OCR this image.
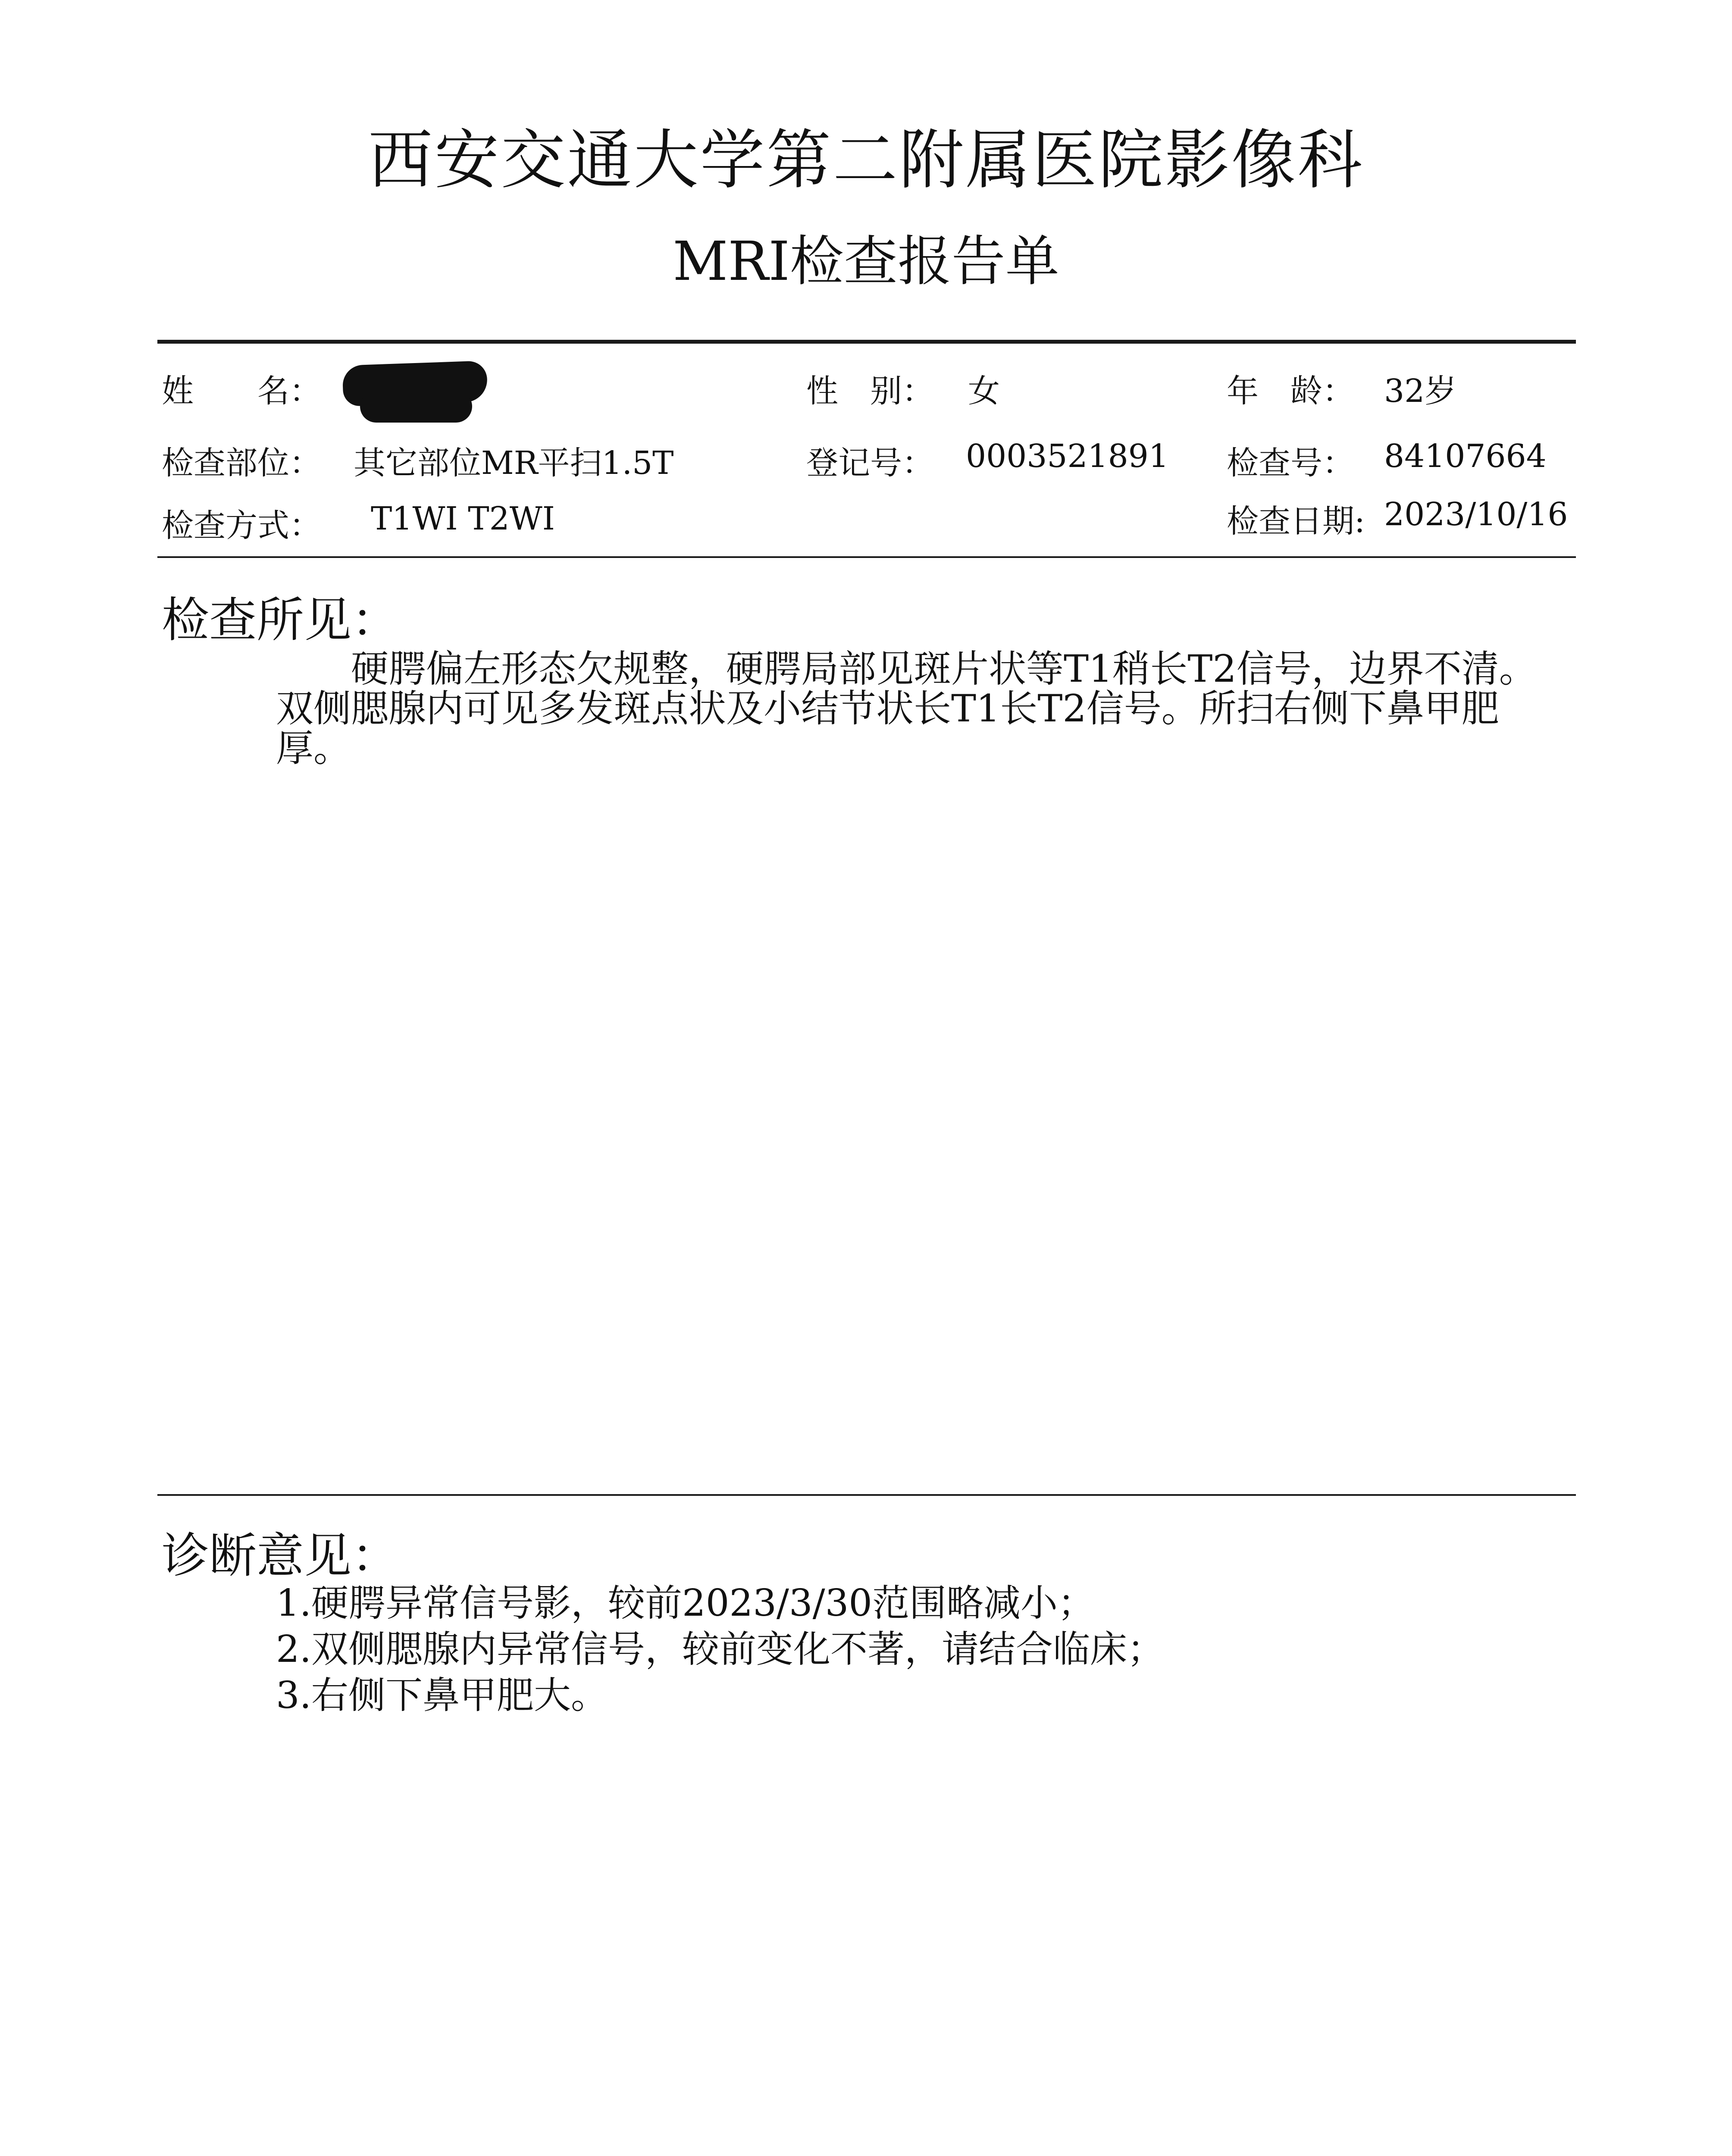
西安交通大学第二附属医院影像科
MRI检查报告单
姓　　名：	性　别： 女	年　龄： 32岁
检查部位： 其它部位MR平扫1.5T	登记号： 0003521891 检查号： 84107664
检查方式： T1WI T2WI	检查日期: 2023/10/16
检查所见：

　　硬腭偏左形态欠规整，硬腭局部见斑片状等T1稍长T2信号，边界不清。双侧腮腺内可见多发斑点状及小结节状长T1长T2信号。所扫右侧下鼻甲肥厚。

诊断意见：
1.硬腭异常信号影，较前2023/3/30范围略减小；
2.双侧腮腺内异常信号，较前变化不著，请结合临床；
3.右侧下鼻甲肥大。
